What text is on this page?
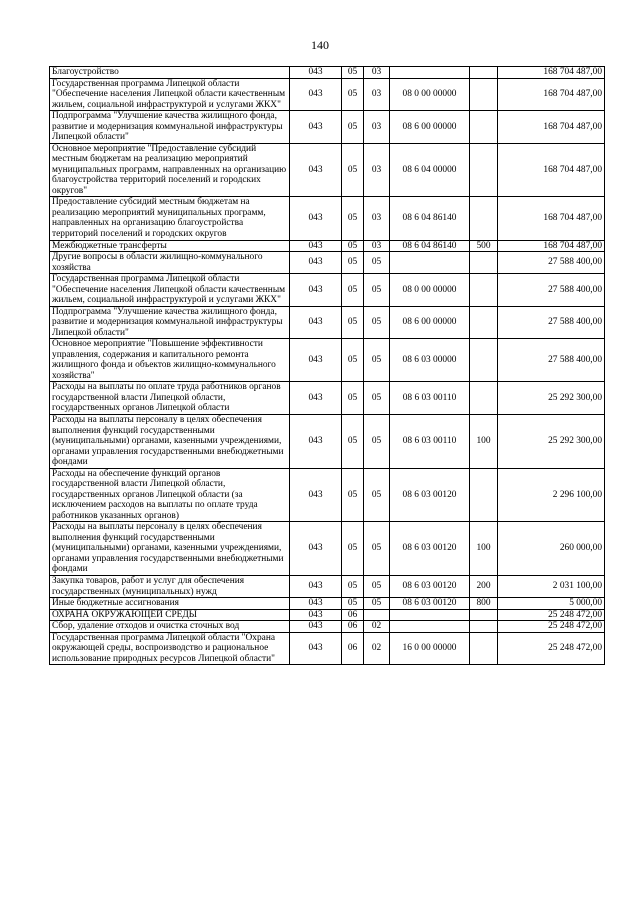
140
Благоустройство	043	05	03			168 704 487,00
Государственная программа Липецкой области "Обеспечение населения Липецкой области качественным жильем, социальной инфраструктурой и услугами ЖКХ"	043	05	03	08 0 00 00000		168 704 487,00
Подпрограмма "Улучшение качества жилищного фонда, развитие и модернизация коммунальной инфраструктуры Липецкой области"	043	05	03	08 6 00 00000		168 704 487,00
Основное мероприятие "Предоставление субсидий местным бюджетам на реализацию мероприятий муниципальных программ, направленных на организацию благоустройства территорий поселений и городских округов"	043	05	03	08 6 04 00000		168 704 487,00
Предоставление субсидий местным бюджетам на реализацию мероприятий муниципальных программ, направленных на организацию благоустройства территорий поселений и городских округов	043	05	03	08 6 04 86140		168 704 487,00
Межбюджетные трансферты	043	05	03	08 6 04 86140	500	168 704 487,00
Другие вопросы в области жилищно-коммунального хозяйства	043	05	05			27 588 400,00
Государственная программа Липецкой области "Обеспечение населения Липецкой области качественным жильем, социальной инфраструктурой и услугами ЖКХ"	043	05	05	08 0 00 00000		27 588 400,00
Подпрограмма "Улучшение качества жилищного фонда, развитие и модернизация коммунальной инфраструктуры Липецкой области"	043	05	05	08 6 00 00000		27 588 400,00
Основное мероприятие "Повышение эффективности управления, содержания и капитального ремонта жилищного фонда и объектов жилищно-коммунального хозяйства"	043	05	05	08 6 03 00000		27 588 400,00
Расходы на выплаты по оплате труда работников органов государственной власти Липецкой области, государственных органов Липецкой области	043	05	05	08 6 03 00110		25 292 300,00
Расходы на выплаты персоналу в целях обеспечения выполнения функций государственными (муниципальными) органами, казенными учреждениями, органами управления государственными внебюджетными фондами	043	05	05	08 6 03 00110	100	25 292 300,00
Расходы на обеспечение функций органов государственной власти Липецкой области, государственных органов Липецкой области (за исключением расходов на выплаты по оплате труда работников указанных органов)	043	05	05	08 6 03 00120		2 296 100,00
Расходы на выплаты персоналу в целях обеспечения выполнения функций государственными (муниципальными) органами, казенными учреждениями, органами управления государственными внебюджетными фондами	043	05	05	08 6 03 00120	100	260 000,00
Закупка товаров, работ и услуг для обеспечения государственных (муниципальных) нужд	043	05	05	08 6 03 00120	200	2 031 100,00
Иные бюджетные ассигнования	043	05	05	08 6 03 00120	800	5 000,00
ОХРАНА ОКРУЖАЮЩЕЙ СРЕДЫ	043	06				25 248 472,00
Сбор, удаление отходов и очистка сточных вод	043	06	02			25 248 472,00
Государственная программа Липецкой области "Охрана окружающей среды, воспроизводство и рациональное использование природных ресурсов Липецкой области"	043	06	02	16 0 00 00000		25 248 472,00
